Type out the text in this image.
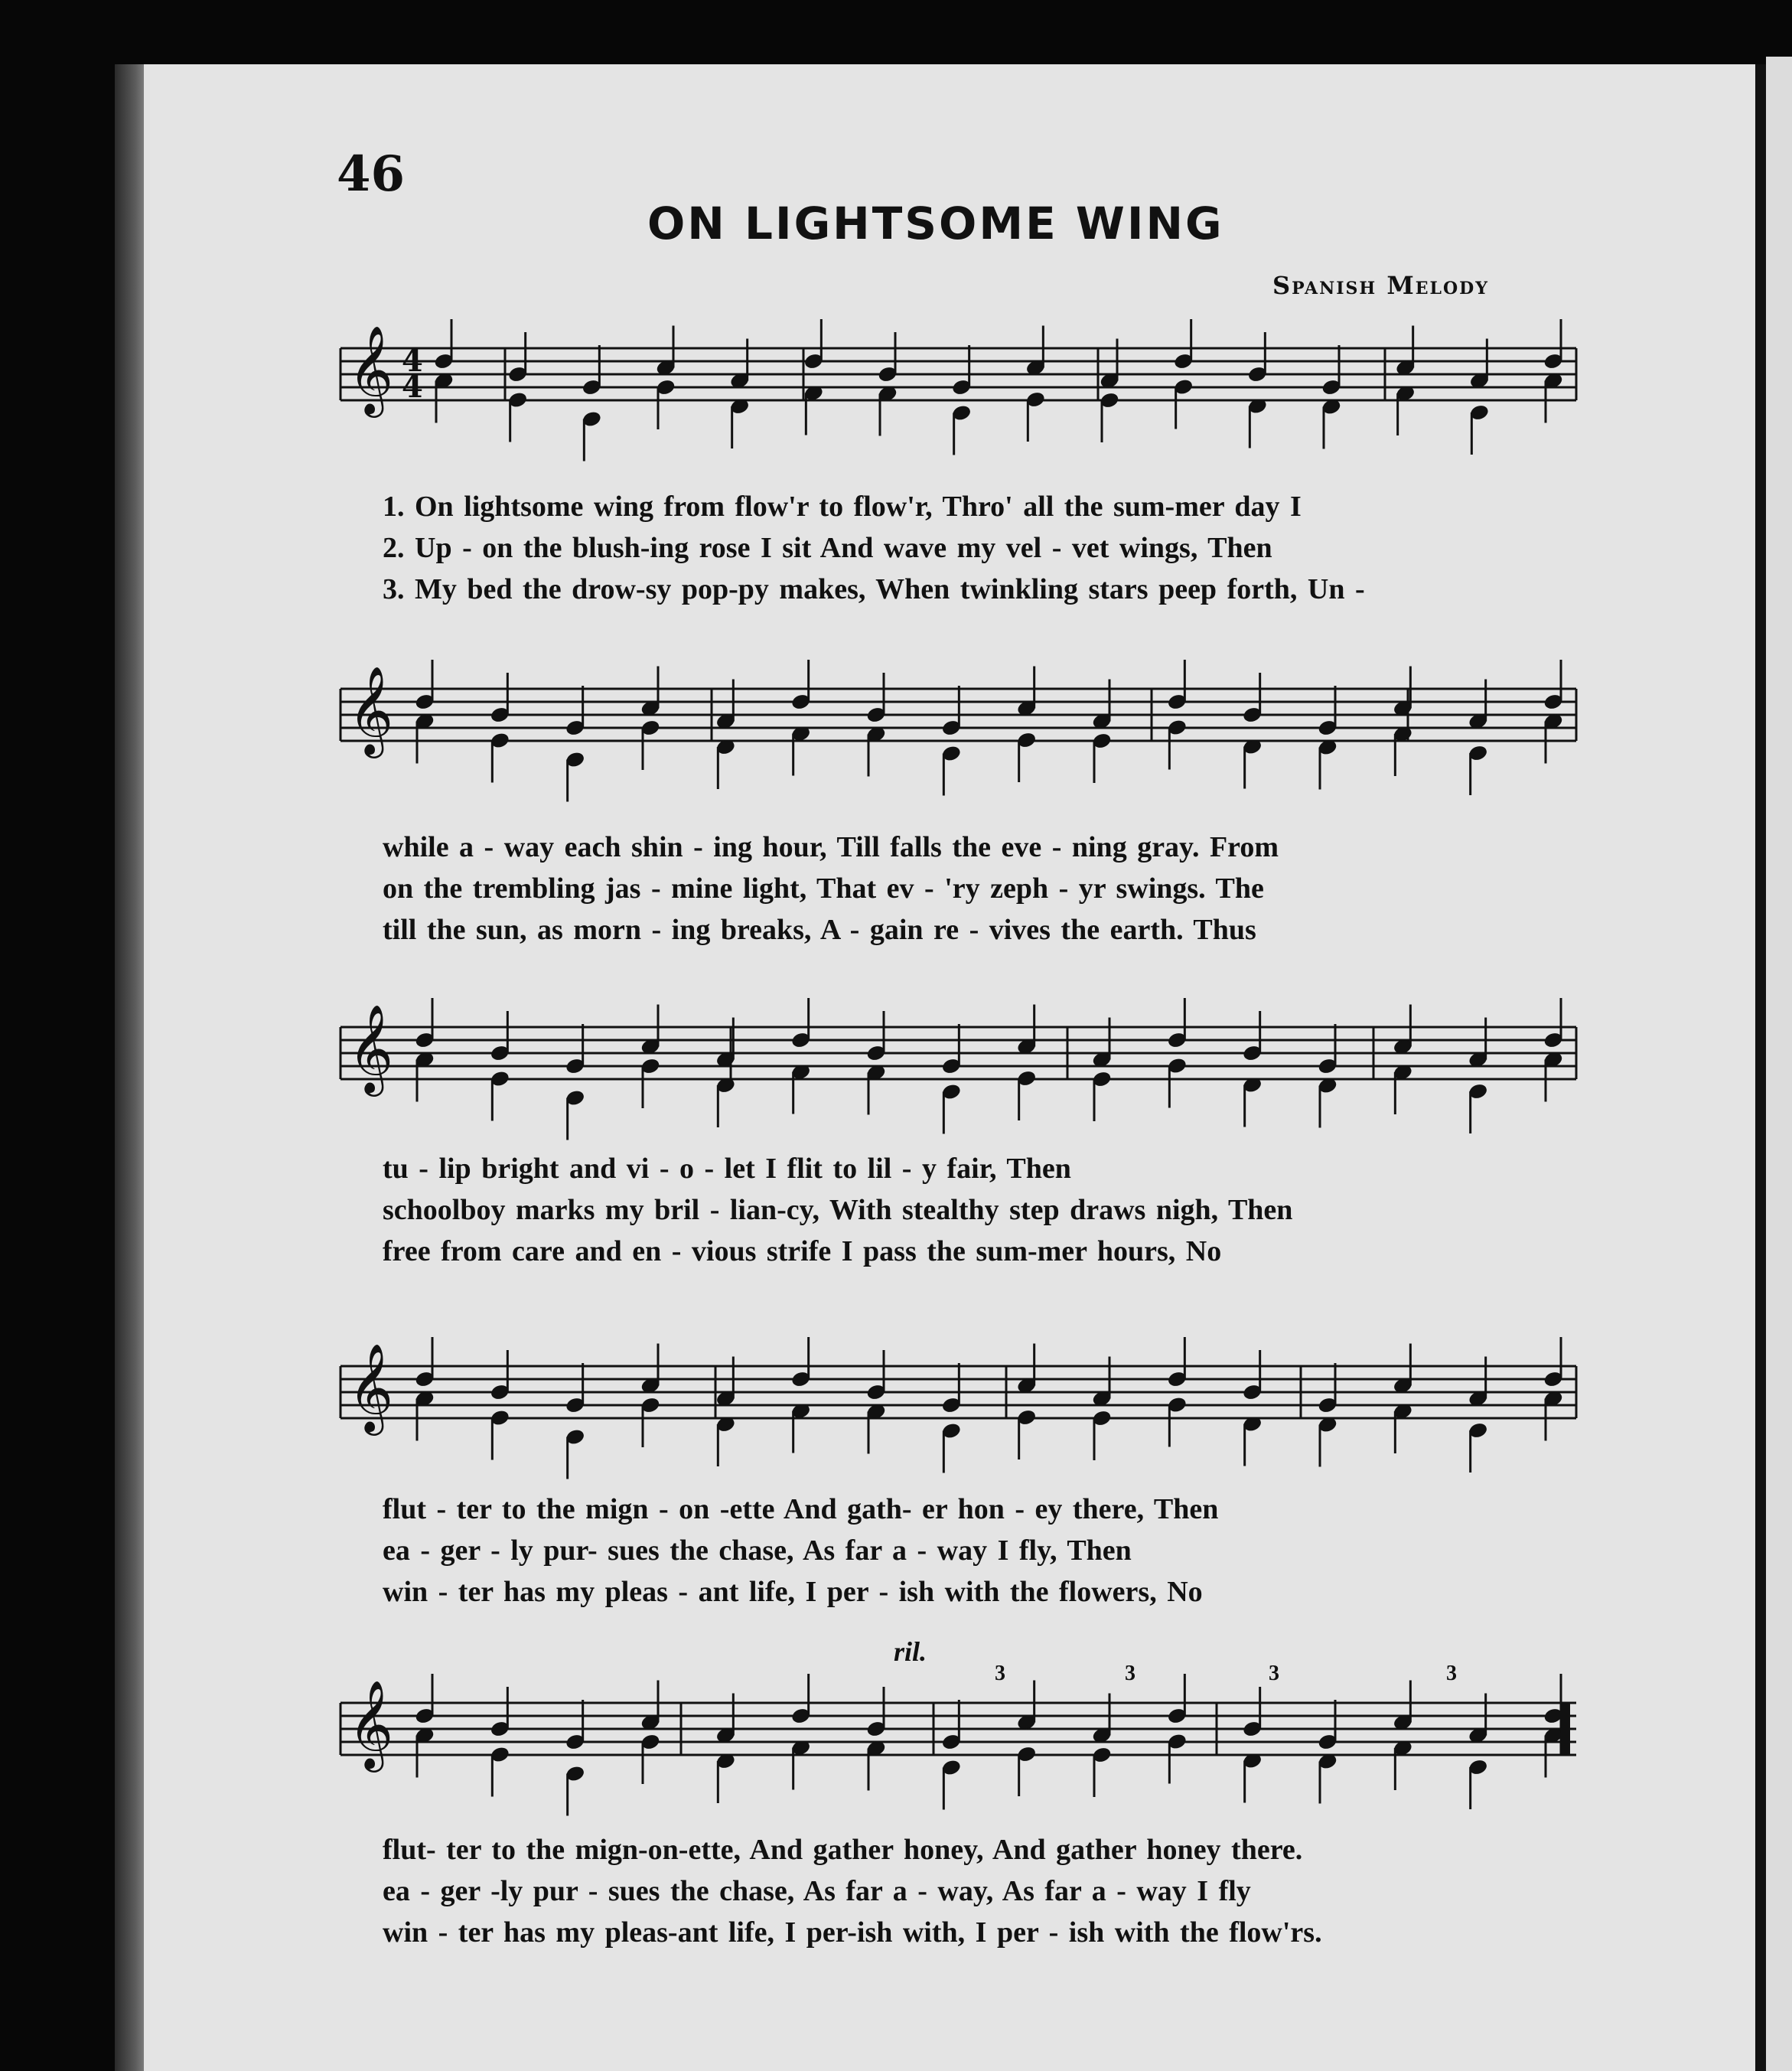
46
ON LIGHTSOME WING
Spanish Melody
𝄞
𝄞
𝄞
𝄞
𝄞
4
4
ril.
3	3	3	3
1. On lightsome wing from flow'r to flow'r, Thro' all the sum-mer day I
2. Up - on the blush-ing rose I sit And wave my vel - vet wings, Then
3. My bed the drow-sy pop-py makes, When twinkling stars peep forth, Un -
while a - way each shin - ing hour, Till falls the eve - ning gray. From
on the trembling jas - mine light, That ev - 'ry zeph - yr swings. The
till the sun, as morn - ing breaks, A - gain re - vives the earth. Thus
tu - lip bright and vi - o - let I flit to lil - y fair, Then
schoolboy marks my bril - lian-cy, With stealthy step draws nigh, Then
free from care and en - vious strife I pass the sum-mer hours, No
flut - ter to the mign - on -ette And gath- er hon - ey there, Then
ea - ger - ly pur- sues the chase, As far a - way I fly, Then
win - ter has my pleas - ant life, I per - ish with the flowers, No
flut- ter to the mign-on-ette, And gather honey, And gather honey there.
ea - ger -ly pur - sues the chase, As far a - way, As far a - way I fly
win - ter has my pleas-ant life, I per-ish with, I per - ish with the flow'rs.
